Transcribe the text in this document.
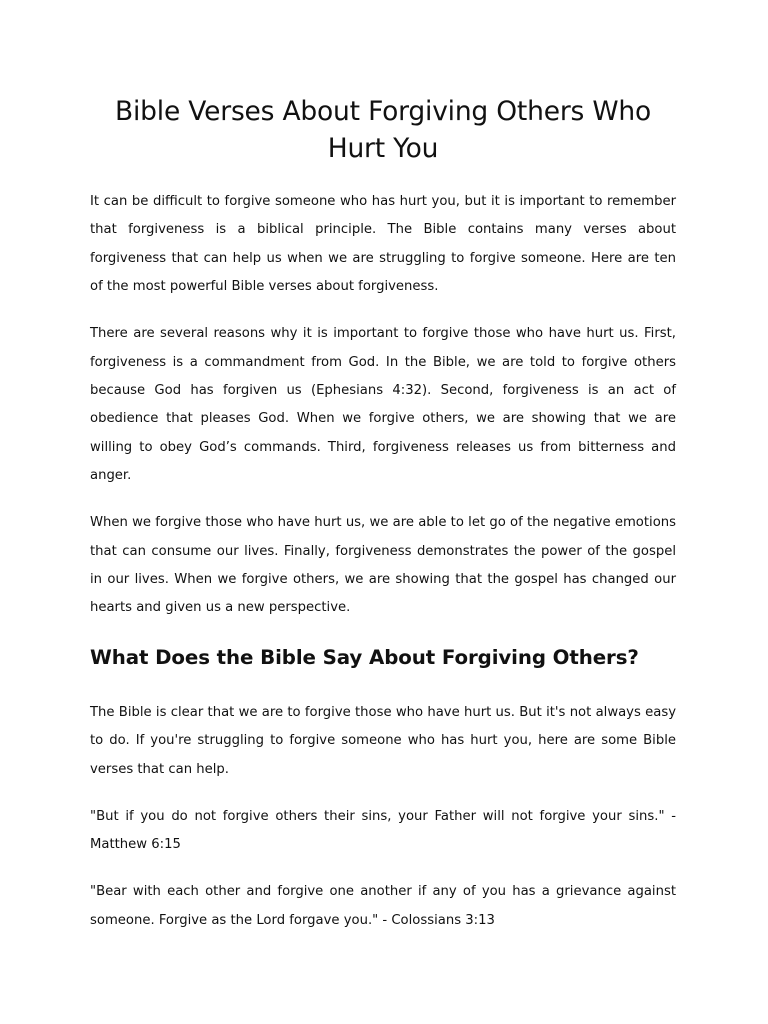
Bible Verses About Forgiving Others Who Hurt You

It can be difficult to forgive someone who has hurt you, but it is important to remember that forgiveness is a biblical principle. The Bible contains many verses about forgiveness that can help us when we are struggling to forgive someone. Here are ten of the most powerful Bible verses about forgiveness.

There are several reasons why it is important to forgive those who have hurt us. First, forgiveness is a commandment from God. In the Bible, we are told to forgive others because God has forgiven us (Ephesians 4:32). Second, forgiveness is an act of obedience that pleases God. When we forgive others, we are showing that we are willing to obey God’s commands. Third, forgiveness releases us from bitterness and anger.

When we forgive those who have hurt us, we are able to let go of the negative emotions that can consume our lives. Finally, forgiveness demonstrates the power of the gospel in our lives. When we forgive others, we are showing that the gospel has changed our hearts and given us a new perspective.

What Does the Bible Say About Forgiving Others?

The Bible is clear that we are to forgive those who have hurt us. But it's not always easy to do. If you're struggling to forgive someone who has hurt you, here are some Bible verses that can help.

"But if you do not forgive others their sins, your Father will not forgive your sins." - Matthew 6:15

"Bear with each other and forgive one another if any of you has a grievance against someone. Forgive as the Lord forgave you." - Colossians 3:13
